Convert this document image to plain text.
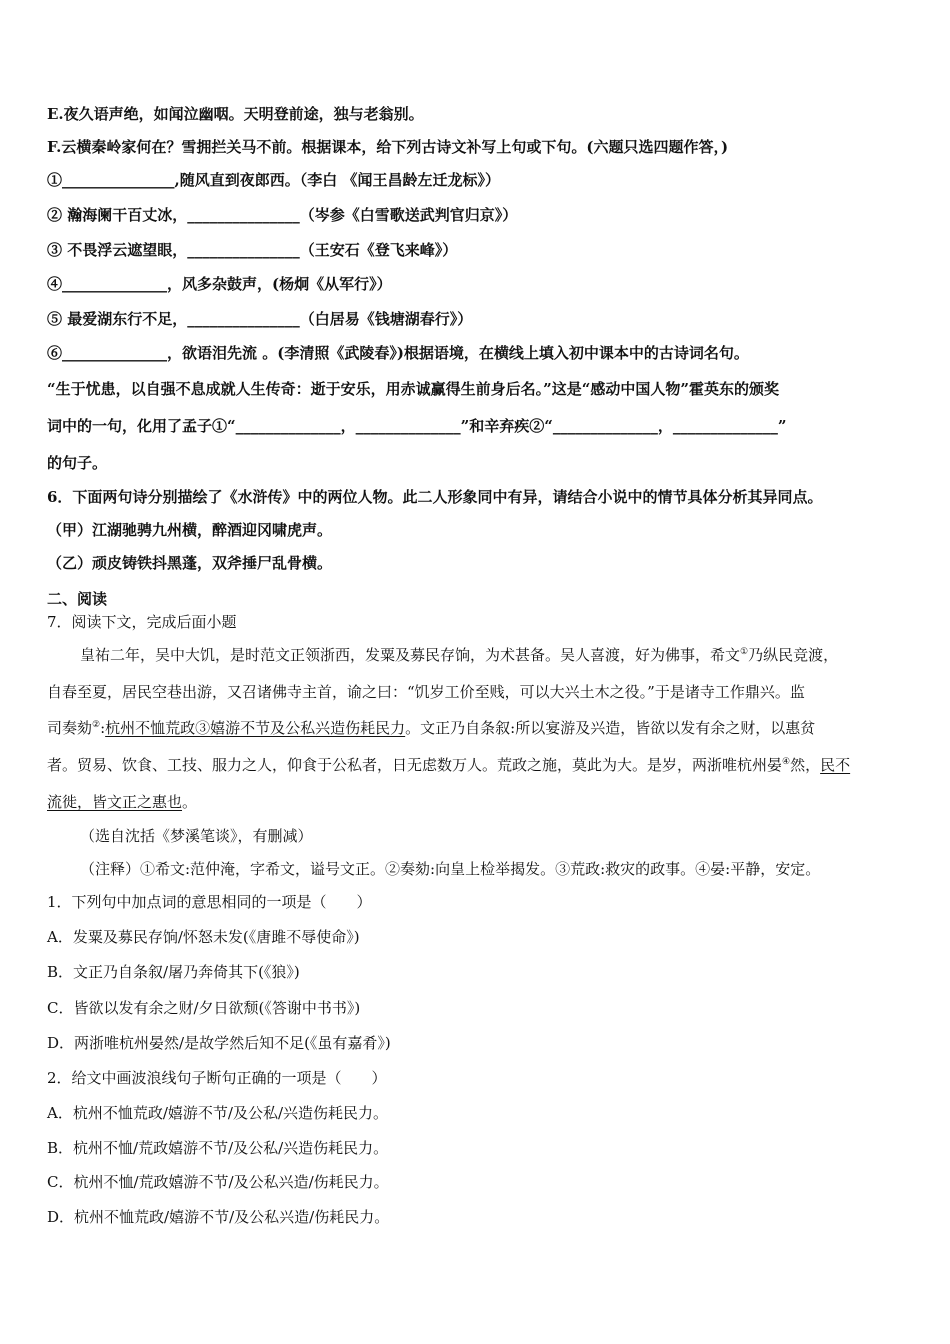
E.夜久语声绝，如闻泣幽咽。天明登前途，独与老翁别。
F.云横秦岭家何在？雪拥拦关马不前。根据课本，给下列古诗文补写上句或下句。(六题只选四题作答，)
①_______________,随风直到夜郎西。（李白 《闻王昌龄左迁龙标》）
② 瀚海阑干百丈冰，_______________（岑参《白雪歌送武判官归京》）
③ 不畏浮云遮望眼，_______________（王安石《登飞来峰》）
④______________，风多杂鼓声，(杨炯《从军行》）
⑤ 最爱湖东行不足，_______________（白居易《钱塘湖春行》）
⑥______________，欲语泪先流 。(李清照《武陵春》)根据语境，在横线上填入初中课本中的古诗词名句。
“生于忧患，以自强不息成就人生传奇：逝于安乐，用赤诚赢得生前身后名。”这是“感动中国人物”霍英东的颁奖
词中的一句，化用了孟子①“______________，______________”和辛弃疾②“______________，______________”
的句子。
6．下面两句诗分别描绘了《水浒传》中的两位人物。此二人形象同中有异，请结合小说中的情节具体分析其异同点。
（甲）江湖驰骋九州横，醉酒迎冈啸虎声。
（乙）顽皮铸铁抖黑蓬，双斧捶尸乱骨横。
二、阅读
7．阅读下文，完成后面小题
皇祐二年，吴中大饥，是时范文正领浙西，发粟及募民存饷，为术甚备。吴人喜渡，好为佛事，希文①乃纵民竞渡，
自春至夏，居民空巷出游，又召诸佛寺主首，谕之曰：“饥岁工价至贱，可以大兴土木之役。”于是诸寺工作鼎兴。监
司奏劾②:杭州不恤荒政③嬉游不节及公私兴造伤耗民力。文正乃自条叙:所以宴游及兴造，皆欲以发有余之财，以惠贫
者。贸易、饮食、工技、服力之人，仰食于公私者，日无虑数万人。荒政之施，莫此为大。是岁，两浙唯杭州晏④然，民不
流徙，皆文正之惠也。
（选自沈括《梦溪笔谈》，有删减）
（注释）①希文:范仲淹，字希文，谥号文正。②奏劾:向皇上检举揭发。③荒政:救灾的政事。④晏:平静，安定。
1．下列句中加点词的意思相同的一项是（　　）
A．发粟及募民存饷/怀怒未发(《唐雎不辱使命》)
B．文正乃自条叙/屠乃奔倚其下(《狼》)
C．皆欲以发有余之财/夕日欲颓(《答谢中书书》)
D．两浙唯杭州晏然/是故学然后知不足(《虽有嘉肴》)
2．给文中画波浪线句子断句正确的一项是（　　）
A．杭州不恤荒政/嬉游不节/及公私/兴造伤耗民力。
B．杭州不恤/荒政嬉游不节/及公私/兴造伤耗民力。
C．杭州不恤/荒政嬉游不节/及公私兴造/伤耗民力。
D．杭州不恤荒政/嬉游不节/及公私兴造/伤耗民力。
